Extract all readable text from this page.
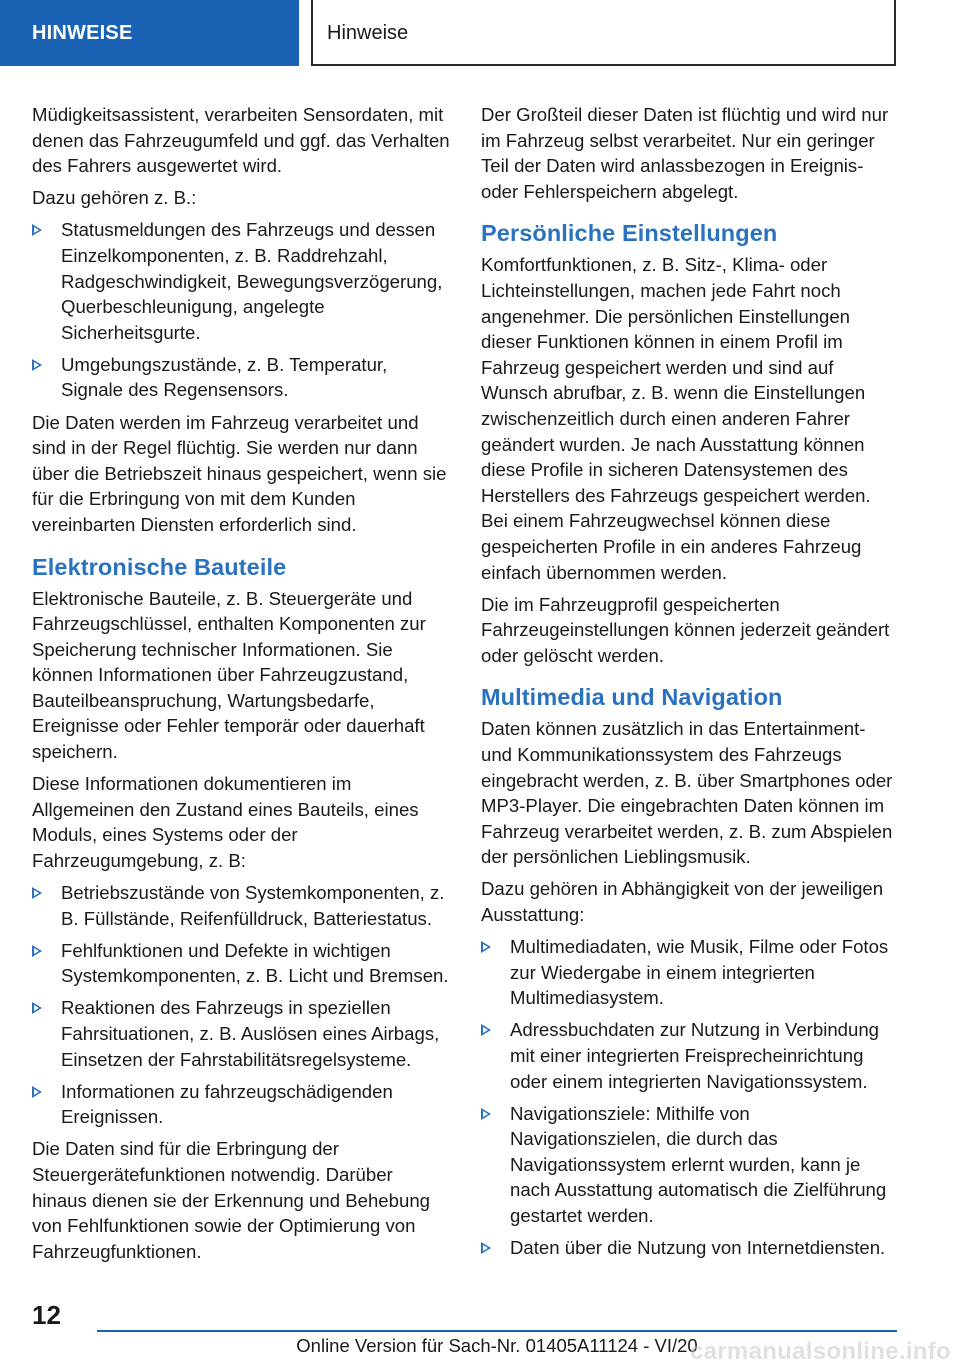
HINWEISE	Hinweise

Müdigkeitsassistent, verarbeiten Sensordaten, mit denen das Fahrzeugumfeld und ggf. das Verhalten des Fahrers ausgewertet wird.

Dazu gehören z. B.:

Statusmeldungen des Fahrzeugs und dessen Einzelkomponenten, z. B. Raddrehzahl, Radgeschwindigkeit, Bewegungsverzögerung, Querbeschleunigung, angelegte Sicherheitsgurte.
Umgebungszustände, z. B. Temperatur, Signale des Regensensors.

Die Daten werden im Fahrzeug verarbeitet und sind in der Regel flüchtig. Sie werden nur dann über die Betriebszeit hinaus gespeichert, wenn sie für die Erbringung von mit dem Kunden vereinbarten Diensten erforderlich sind.

Elektronische Bauteile

Elektronische Bauteile, z. B. Steuergeräte und Fahrzeugschlüssel, enthalten Komponenten zur Speicherung technischer Informationen. Sie können Informationen über Fahrzeugzustand, Bauteilbeanspruchung, Wartungsbedarfe, Ereignisse oder Fehler temporär oder dauerhaft speichern.

Diese Informationen dokumentieren im Allgemeinen den Zustand eines Bauteils, eines Moduls, eines Systems oder der Fahrzeugumgebung, z. B:

Betriebszustände von Systemkomponenten, z. B. Füllstände, Reifenfülldruck, Batteriestatus.
Fehlfunktionen und Defekte in wichtigen Systemkomponenten, z. B. Licht und Bremsen.
Reaktionen des Fahrzeugs in speziellen Fahrsituationen, z. B. Auslösen eines Airbags, Einsetzen der Fahrstabilitätsregelsysteme.
Informationen zu fahrzeugschädigenden Ereignissen.

Die Daten sind für die Erbringung der Steuergerätefunktionen notwendig. Darüber hinaus dienen sie der Erkennung und Behebung von Fehlfunktionen sowie der Optimierung von Fahrzeugfunktionen.

Der Großteil dieser Daten ist flüchtig und wird nur im Fahrzeug selbst verarbeitet. Nur ein geringer Teil der Daten wird anlassbezogen in Ereignis- oder Fehlerspeichern abgelegt.

Persönliche Einstellungen

Komfortfunktionen, z. B. Sitz-, Klima- oder Lichteinstellungen, machen jede Fahrt noch angenehmer. Die persönlichen Einstellungen dieser Funktionen können in einem Profil im Fahrzeug gespeichert werden und sind auf Wunsch abrufbar, z. B. wenn die Einstellungen zwischenzeitlich durch einen anderen Fahrer geändert wurden. Je nach Ausstattung können diese Profile in sicheren Datensystemen des Herstellers des Fahrzeugs gespeichert werden. Bei einem Fahrzeugwechsel können diese gespeicherten Profile in ein anderes Fahrzeug einfach übernommen werden.

Die im Fahrzeugprofil gespeicherten Fahrzeugeinstellungen können jederzeit geändert oder gelöscht werden.

Multimedia und Navigation

Daten können zusätzlich in das Entertainment- und Kommunikationssystem des Fahrzeugs eingebracht werden, z. B. über Smartphones oder MP3-Player. Die eingebrachten Daten können im Fahrzeug verarbeitet werden, z. B. zum Abspielen der persönlichen Lieblingsmusik.

Dazu gehören in Abhängigkeit von der jeweiligen Ausstattung:

Multimediadaten, wie Musik, Filme oder Fotos zur Wiedergabe in einem integrierten Multimediasystem.
Adressbuchdaten zur Nutzung in Verbindung mit einer integrierten Freisprecheinrichtung oder einem integrierten Navigationssystem.
Navigationsziele: Mithilfe von Navigationszielen, die durch das Navigationssystem erlernt wurden, kann je nach Ausstattung automatisch die Zielführung gestartet werden.
Daten über die Nutzung von Internetdiensten.
12
Online Version für Sach-Nr. 01405A11124 - VI/20
carmanualsonline.info
